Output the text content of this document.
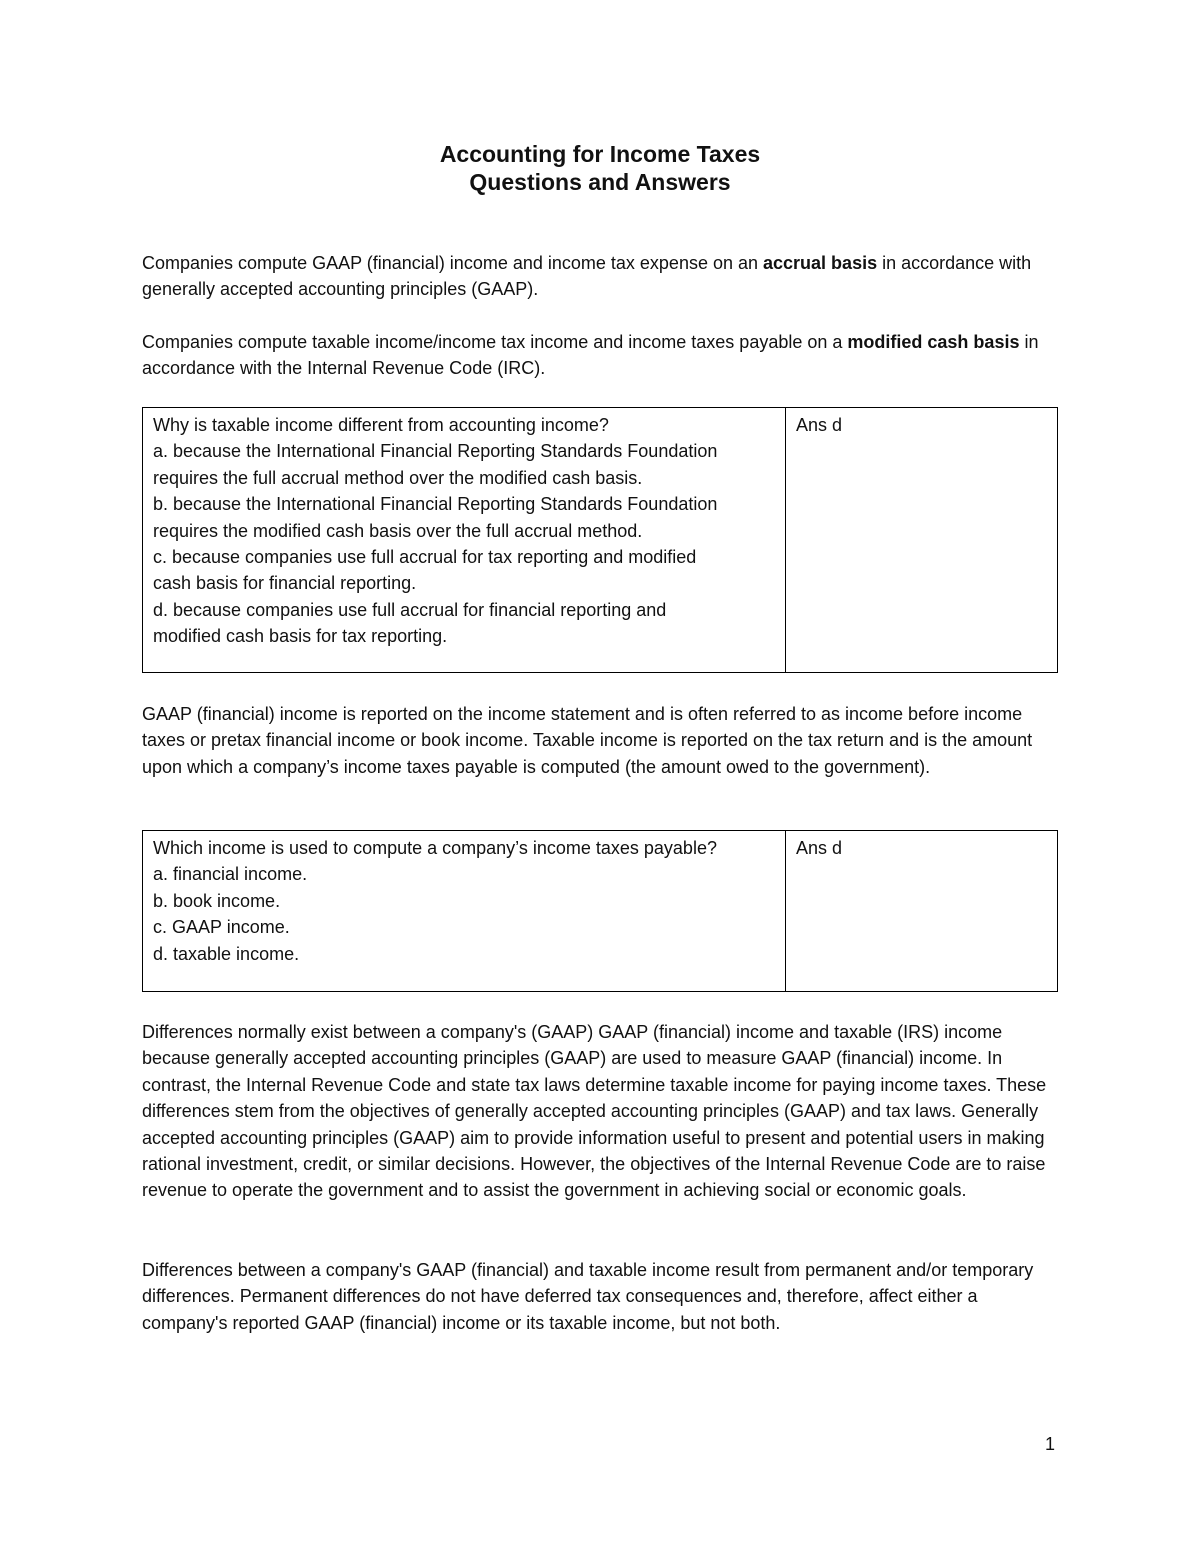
Accounting for Income Taxes
Questions and Answers
Companies compute GAAP (financial) income and income tax expense on an accrual basis in accordance with generally accepted accounting principles (GAAP).
Companies compute taxable income/income tax income and income taxes payable on a modified cash basis in accordance with the Internal Revenue Code (IRC).
Why is taxable income different from accounting income?
a. because the International Financial Reporting Standards Foundation
requires the full accrual method over the modified cash basis.
b. because the International Financial Reporting Standards Foundation
requires the modified cash basis over the full accrual method.
c. because companies use full accrual for tax reporting and modified
cash basis for financial reporting.
d. because companies use full accrual for financial reporting and
modified cash basis for tax reporting.
Ans d
GAAP (financial) income is reported on the income statement and is often referred to as income before income taxes or pretax financial income or book income. Taxable income is reported on the tax return and is the amount upon which a company’s income taxes payable is computed (the amount owed to the government).
Which income is used to compute a company’s income taxes payable?
a. financial income.
b. book income.
c. GAAP income.
d. taxable income.
Ans d
Differences normally exist between a company's (GAAP) GAAP (financial) income and taxable (IRS) income because generally accepted accounting principles (GAAP) are used to measure GAAP (financial) income. In contrast, the Internal Revenue Code and state tax laws determine taxable income for paying income taxes. These differences stem from the objectives of generally accepted accounting principles (GAAP) and tax laws. Generally accepted accounting principles (GAAP) aim to provide information useful to present and potential users in making rational investment, credit, or similar decisions. However, the objectives of the Internal Revenue Code are to raise revenue to operate the government and to assist the government in achieving social or economic goals.
Differences between a company's GAAP (financial) and taxable income result from permanent and/or temporary differences. Permanent differences do not have deferred tax consequences and, therefore, affect either a company's reported GAAP (financial) income or its taxable income, but not both.
1
